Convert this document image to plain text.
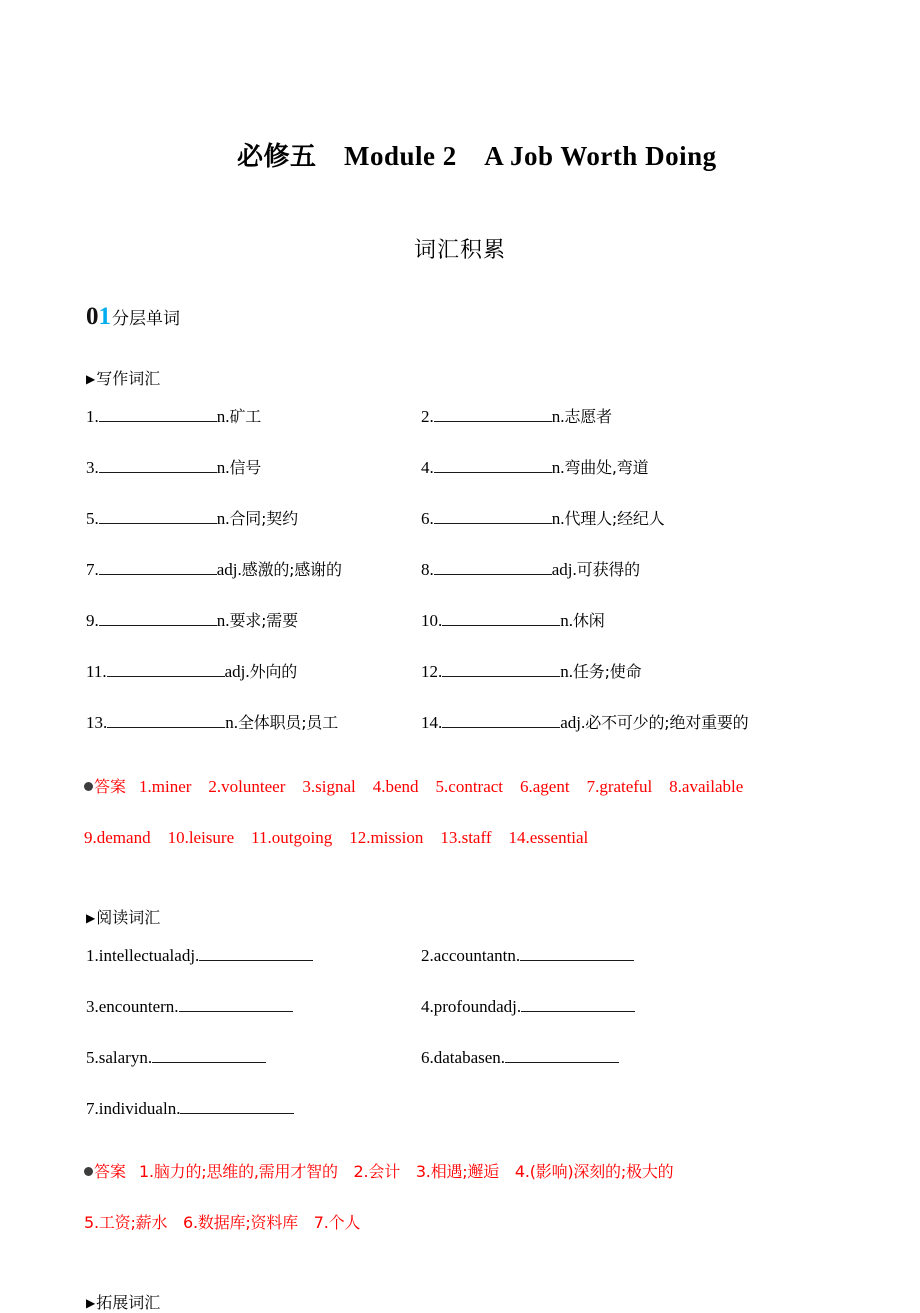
必修五　 Module 2　 A Job Worth Doing

词汇积累
01分层单词
▶写作词汇
1.	n. 矿工	2.	n. 志愿者
3.	n. 信号	4.	n. 弯曲处,弯道
5.	n. 合同;契约	6.	n. 代理人;经纪人
7.	adj. 感激的;感谢的	8.	adj. 可获得的
9.	n. 要求;需要	10.	n. 休闲
11.	adj. 外向的	12.	n. 任务;使命
13.	n. 全体职员;员工	14.	adj. 必不可少的;绝对重要的
答案 1.miner　2.volunteer　3.signal　4.bend　5.contract　6.agent　7.grateful　8.available
9.demand　10.leisure　11.outgoing　12.mission　13.staff　14.essential
▶阅读词汇
1. intellectual adj.	2. accountant n.
3. encounter n.	4. profound adj.
5. salary n.	6. database n.
7. individual n.
答案 1.脑力的;思维的,需用才智的　2.会计　3.相遇;邂逅　4.(影响)深刻的;极大的
5.工资;薪水　6.数据库;资料库　7.个人
▶拓展词汇
